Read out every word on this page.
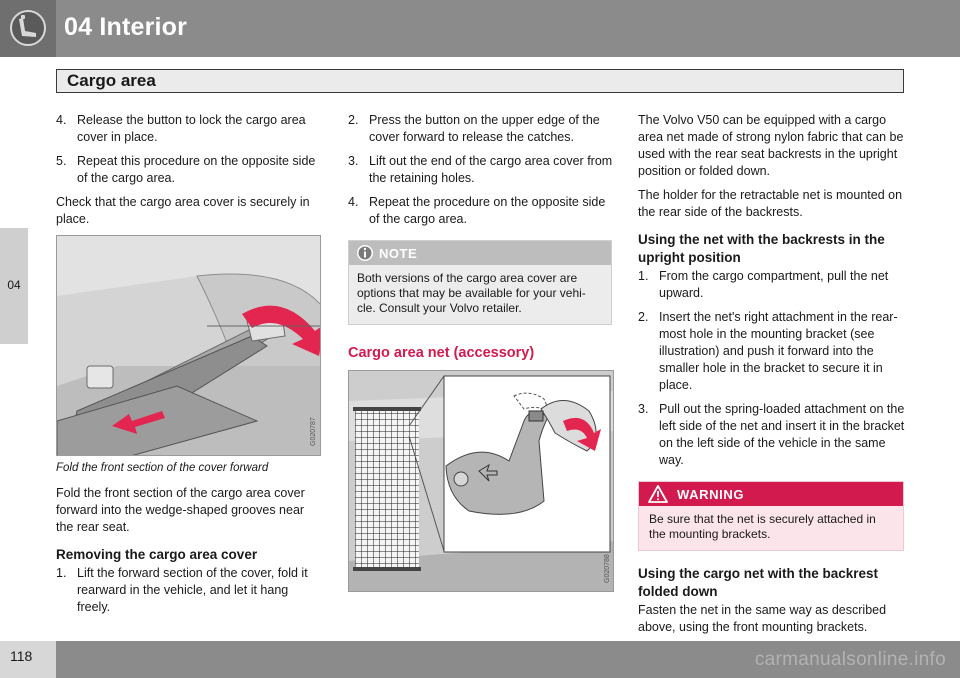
04 Interior
Cargo area
04
4. Release the button to lock the cargo area cover in place.
5. Repeat this procedure on the opposite side of the cargo area.
Check that the cargo area cover is securely in place.
G020787
Fold the front section of the cover forward
Fold the front section of the cargo area cover forward into the wedge-shaped grooves near the rear seat.
Removing the cargo area cover
1. Lift the forward section of the cover, fold it rearward in the vehicle, and let it hang freely.
2. Press the button on the upper edge of the cover forward to release the catches.
3. Lift out the end of the cargo area cover from the retaining holes.
4. Repeat the procedure on the opposite side of the cargo area.
NOTE
Both versions of the cargo area cover are options that may be available for your vehi-cle. Consult your Volvo retailer.
Cargo area net (accessory)
G020788
The Volvo V50 can be equipped with a cargo area net made of strong nylon fabric that can be used with the rear seat backrests in the upright position or folded down.
The holder for the retractable net is mounted on the rear side of the backrests.
Using the net with the backrests in the upright position
1. From the cargo compartment, pull the net upward.
2. Insert the net's right attachment in the rear-most hole in the mounting bracket (see illustration) and push it forward into the smaller hole in the bracket to secure it in place.
3. Pull out the spring-loaded attachment on the left side of the net and insert it in the bracket on the left side of the vehicle in the same way.
WARNING
Be sure that the net is securely attached in the mounting brackets.
Using the cargo net with the backrest folded down
Fasten the net in the same way as described above, using the front mounting brackets.
118	carmanualsonline.info
